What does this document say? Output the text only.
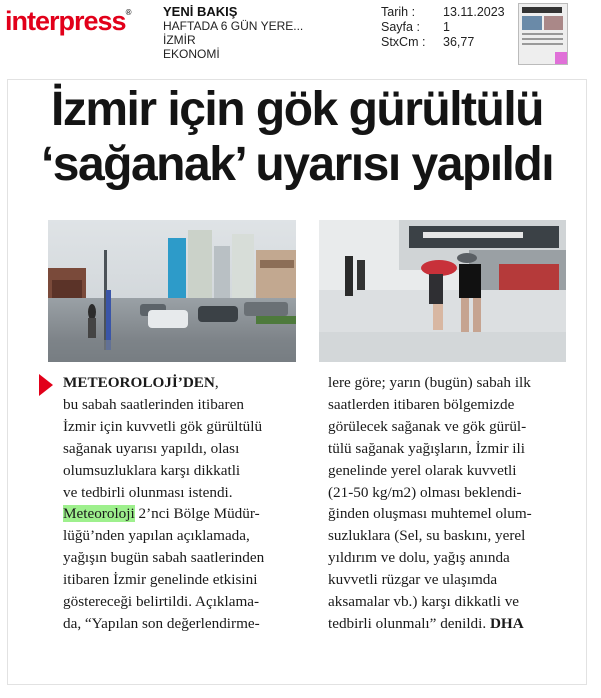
interpress®	YENİ BAKIŞ
HAFTADA 6 GÜN YERE...
İZMİR
EKONOMİ
Tarih :	13.11.2023
Sayfa :	1
StxCm :	36,77
İzmir için gök gürültülü
‘sağanak’ uyarısı yapıldı

METEOROLOJİ’DEN,

bu sabah saatlerinden itibaren

İzmir için kuvvetli gök gürültülü

sağanak uyarısı yapıldı, olası

olumsuzluklara karşı dikkatli

ve tedbirli olunması istendi.

Meteoroloji 2’nci Bölge Müdür-

lüğü’nden yapılan açıklamada,

yağışın bugün sabah saatlerinden

itibaren İzmir genelinde etkisini

göstereceği belirtildi. Açıklama-

da, “Yapılan son değerlendirme-

lere göre; yarın (bugün) sabah ilk

saatlerden itibaren bölgemizde

görülecek sağanak ve gök gürül-

tülü sağanak yağışların, İzmir ili

genelinde yerel olarak kuvvetli

(21-50 kg/m2) olması beklendi-

ğinden oluşması muhtemel olum-

suzluklara (Sel, su baskını, yerel

yıldırım ve dolu, yağış anında

kuvvetli rüzgar ve ulaşımda

aksamalar vb.) karşı dikkatli ve

tedbirli olunmalı” denildi. DHA
